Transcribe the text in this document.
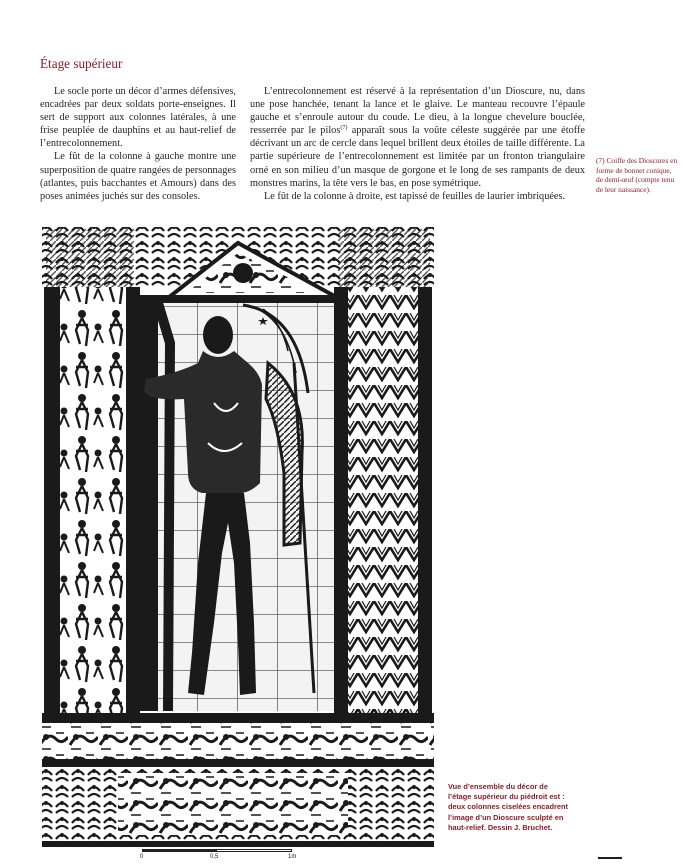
Étage supérieur

Le socle porte un décor d’armes défensives, encadrées par deux soldats porte-enseignes. Il sert de support aux colonnes latérales, à une frise peuplée de dauphins et au haut-relief de l’entrecolonnement.

Le fût de la colonne à gauche montre une superposition de quatre rangées de personnages (atlantes, puis bacchantes et Amours) dans des poses animées juchés sur des consoles.

L’entrecolonnement est réservé à la représentation d’un Dioscure, nu, dans une pose hanchée, tenant la lance et le glaive. Le manteau recouvre l’épaule gauche et s’enroule autour du coude. Le dieu, à la longue chevelure bouclée, resserrée par le pilos$^{(7)}$ apparaît sous la voûte céleste suggérée par une étoffe décrivant un arc de cercle dans lequel brillent deux étoiles de taille différente. La partie supérieure de l’entrecolonnement est limitée par un fronton triangulaire orné en son milieu d’un masque de gorgone et le long de ses rampants de deux monstres marins, la tête vers le bas, en pose symétrique.

Le fût de la colonne à droite, est tapissé de feuilles de laurier imbriquées.

(7) Coiffe des Dioscures en forme de bonnet conique, de demi-œuf (compte tenu de leur naissance).
0	0,5	1m
Vue d’ensemble du décor de l’étage supérieur du piédroit est : deux colonnes ciselées encadrent l’image d’un Dioscure sculpté en haut-relief. Dessin J. Bruchet.
